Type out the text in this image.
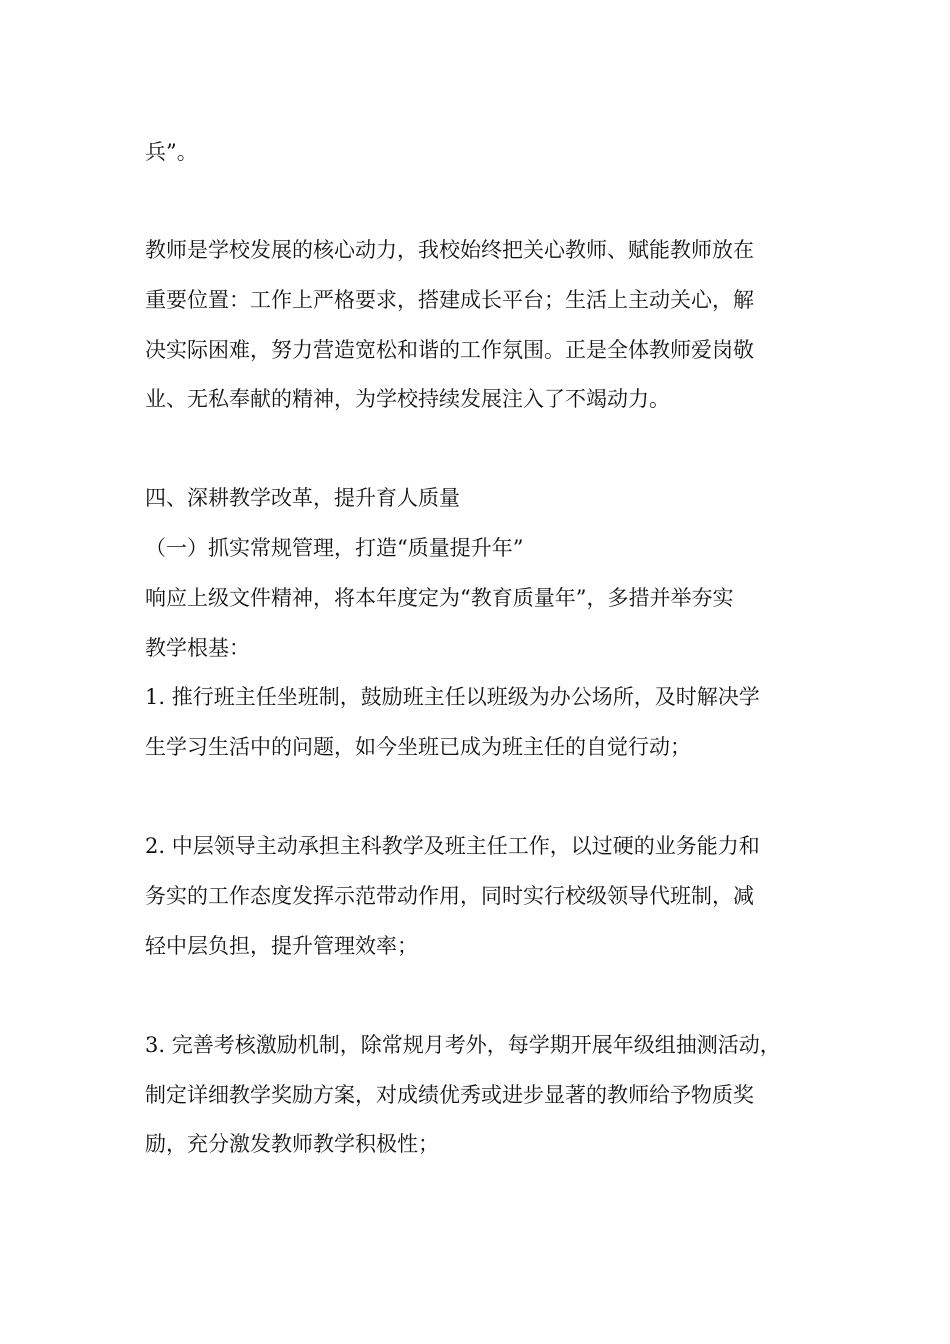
兵”。
教师是学校发展的核心动力，我校始终把关心教师、赋能教师放在
重要位置：工作上严格要求，搭建成长平台；生活上主动关心，解
决实际困难，努力营造宽松和谐的工作氛围。正是全体教师爱岗敬
业、无私奉献的精神，为学校持续发展注入了不竭动力。
四、深耕教学改革，提升育人质量
（一）抓实常规管理，打造“质量提升年”
响应上级文件精神，将本年度定为“教育质量年”，多措并举夯实
教学根基：
1. 推行班主任坐班制，鼓励班主任以班级为办公场所，及时解决学
生学习生活中的问题，如今坐班已成为班主任的自觉行动；
2. 中层领导主动承担主科教学及班主任工作，以过硬的业务能力和
务实的工作态度发挥示范带动作用，同时实行校级领导代班制，减
轻中层负担，提升管理效率；
3. 完善考核激励机制，除常规月考外，每学期开展年级组抽测活动，
制定详细教学奖励方案，对成绩优秀或进步显著的教师给予物质奖
励，充分激发教师教学积极性；
